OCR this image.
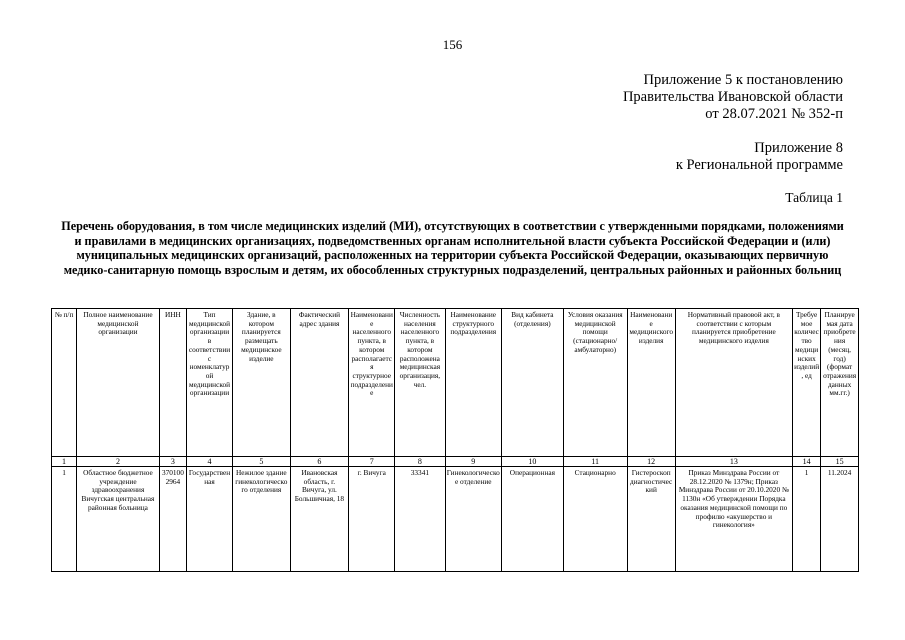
156
Приложение 5 к постановлению
Правительства Ивановской области
от 28.07.2021 № 352-п
Приложение 8
к Региональной программе
Таблица 1
Перечень оборудования, в том числе медицинских изделий (МИ), отсутствующих в соответствии с утвержденными порядками, положениями и правилами в медицинских организациях, подведомственных органам исполнительной власти субъекта Российской Федерации и (или) муниципальных медицинских организаций, расположенных на территории субъекта Российской Федерации, оказывающих первичную медико-санитарную помощь взрослым и детям, их обособленных структурных подразделений, центральных районных и районных больниц
№ п/п	Полное наименование медицинской организации	ИНН	Тип медицинской организации в соответствии с номенклатурой медицинской организации	Здание, в котором планируется размещать медицинское изделие	Фактический адрес здания	Наименование населенного пункта, в котором располагается структурное подразделение	Численность населения населенного пункта, в котором расположена медицинская организация, чел.	Наименование структурного подразделения	Вид кабинета (отделения)	Условия оказания медицинской помощи (стационарно/амбулаторно)	Наименование медицинского изделия	Нормативный правовой акт, в соответствии с которым планируется приобретение медицинского изделия	Требуемое количество медицинских изделий, ед	Планируемая дата приобретения (месяц, год) (формат отражения данных мм.гг.)
1	2	3	4	5	6	7	8	9	10	11	12	13	14	15
1	Областное бюджетное учреждение здравоохранения Вичугская центральная районная больница	3701002964	Государственная	Нежилое здание гинекологического отделения	Ивановская область, г. Вичуга, ул. Большичная, 18	г. Вичуга	33341	Гинекологическое отделение	Операционная	Стационарно	Гистероскоп диагностический	Приказ Минздрава России от 28.12.2020 № 1379н; Приказ Минздрава России от 20.10.2020 № 1130н «Об утверждении Порядка оказания медицинской помощи по профилю «акушерство и гинекология»	1	11.2024
